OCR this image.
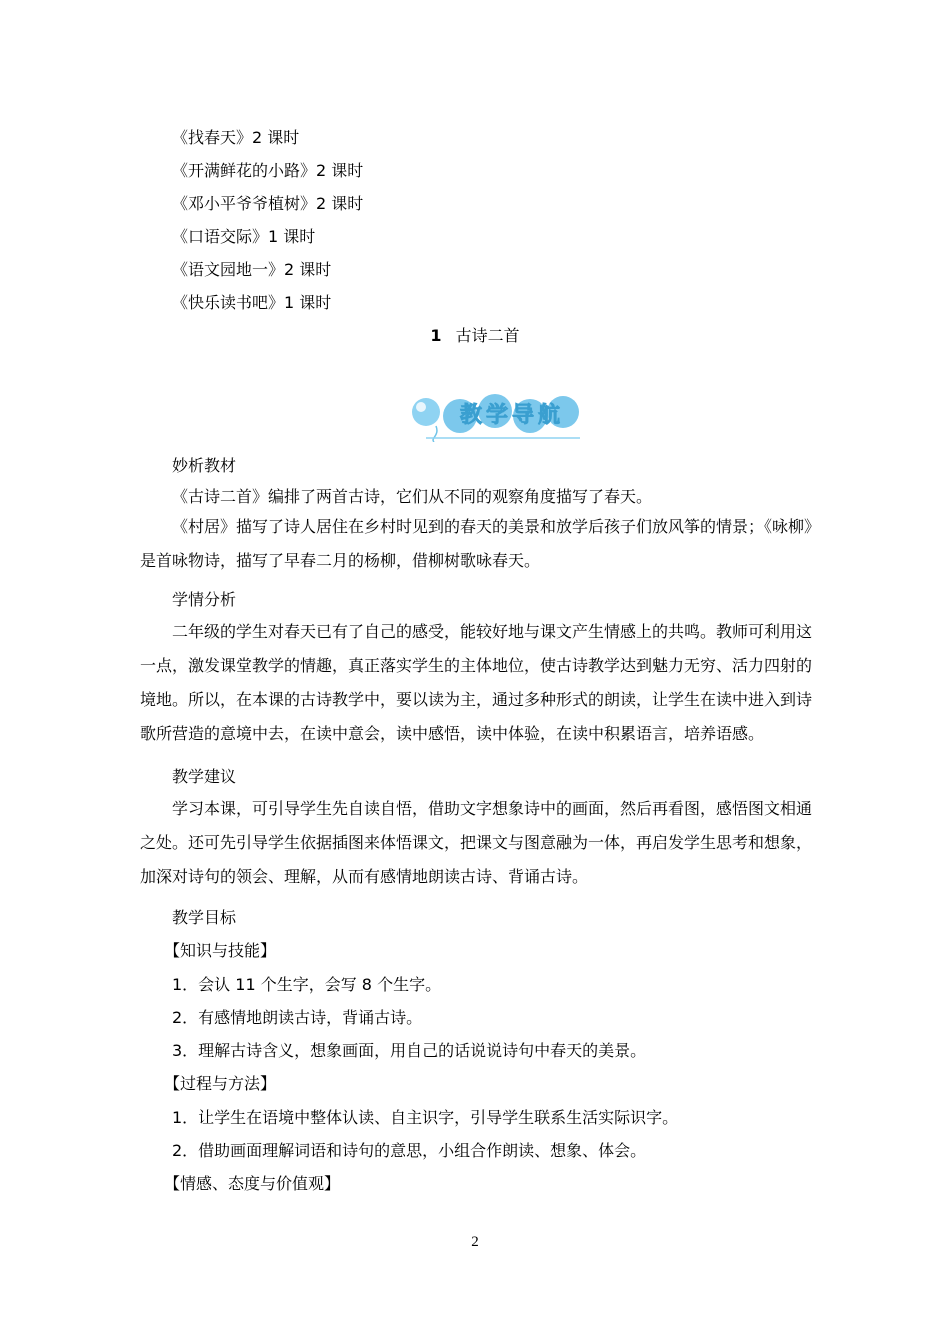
《找春天》2 课时
《开满鲜花的小路》2 课时
《邓小平爷爷植树》2 课时
《口语交际》1 课时
《语文园地一》2 课时
《快乐读书吧》1 课时
1 古诗二首
教学导航
妙析教材
《古诗二首》编排了两首古诗，它们从不同的观察角度描写了春天。
《村居》描写了诗人居住在乡村时见到的春天的美景和放学后孩子们放风筝的情景；《咏柳》是首咏物诗，描写了早春二月的杨柳，借柳树歌咏春天。
学情分析
二年级的学生对春天已有了自己的感受，能较好地与课文产生情感上的共鸣。教师可利用这一点，激发课堂教学的情趣，真正落实学生的主体地位，使古诗教学达到魅力无穷、活力四射的境地。所以，在本课的古诗教学中，要以读为主，通过多种形式的朗读，让学生在读中进入到诗歌所营造的意境中去，在读中意会，读中感悟，读中体验，在读中积累语言，培养语感。
教学建议
学习本课，可引导学生先自读自悟，借助文字想象诗中的画面，然后再看图，感悟图文相通之处。还可先引导学生依据插图来体悟课文，把课文与图意融为一体，再启发学生思考和想象，加深对诗句的领会、理解，从而有感情地朗读古诗、背诵古诗。
教学目标
【知识与技能】
1．会认 11 个生字，会写 8 个生字。
2．有感情地朗读古诗，背诵古诗。
3．理解古诗含义，想象画面，用自己的话说说诗句中春天的美景。
【过程与方法】
1．让学生在语境中整体认读、自主识字，引导学生联系生活实际识字。
2．借助画面理解词语和诗句的意思，小组合作朗读、想象、体会。
【情感、态度与价值观】
2
